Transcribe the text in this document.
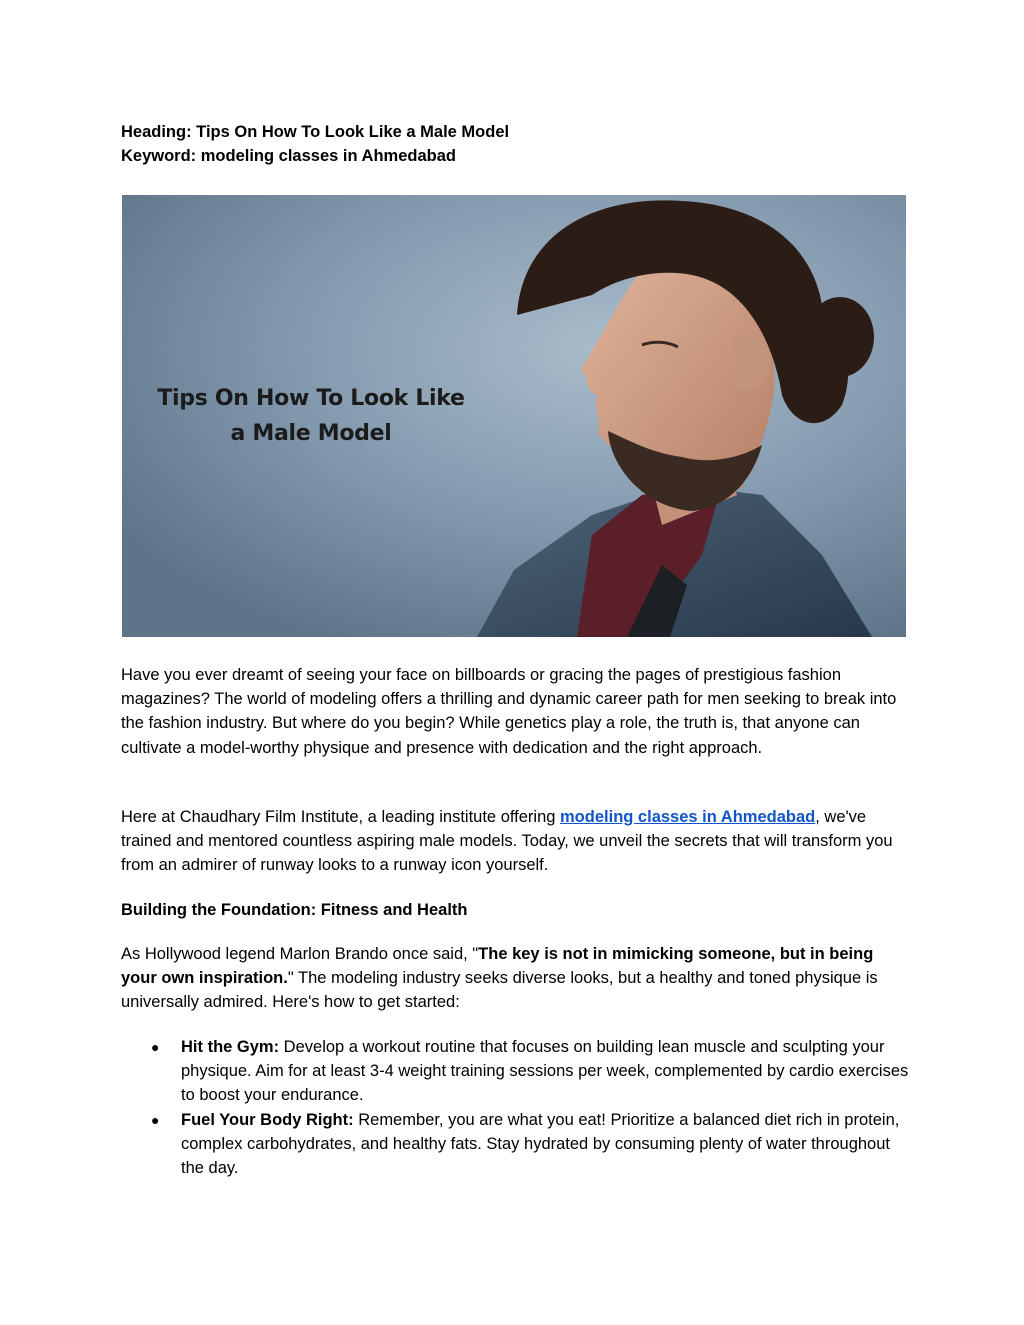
Heading: Tips On How To Look Like a Male Model

Keyword: modeling classes in Ahmedabad

Tips On How To Look Like
a Male Model

Have you ever dreamt of seeing your face on billboards or gracing the pages of prestigious fashion magazines? The world of modeling offers a thrilling and dynamic career path for men seeking to break into the fashion industry. But where do you begin? While genetics play a role, the truth is, that anyone can cultivate a model-worthy physique and presence with dedication and the right approach.

Here at Chaudhary Film Institute, a leading institute offering modeling classes in Ahmedabad, we've trained and mentored countless aspiring male models. Today, we unveil the secrets that will transform you from an admirer of runway looks to a runway icon yourself.

Building the Foundation: Fitness and Health

As Hollywood legend Marlon Brando once said, "The key is not in mimicking someone, but in being your own inspiration." The modeling industry seeks diverse looks, but a healthy and toned physique is universally admired. Here's how to get started:

● Hit the Gym: Develop a workout routine that focuses on building lean muscle and sculpting your physique. Aim for at least 3-4 weight training sessions per week, complemented by cardio exercises to boost your endurance.
● Fuel Your Body Right: Remember, you are what you eat! Prioritize a balanced diet rich in protein, complex carbohydrates, and healthy fats. Stay hydrated by consuming plenty of water throughout the day.
